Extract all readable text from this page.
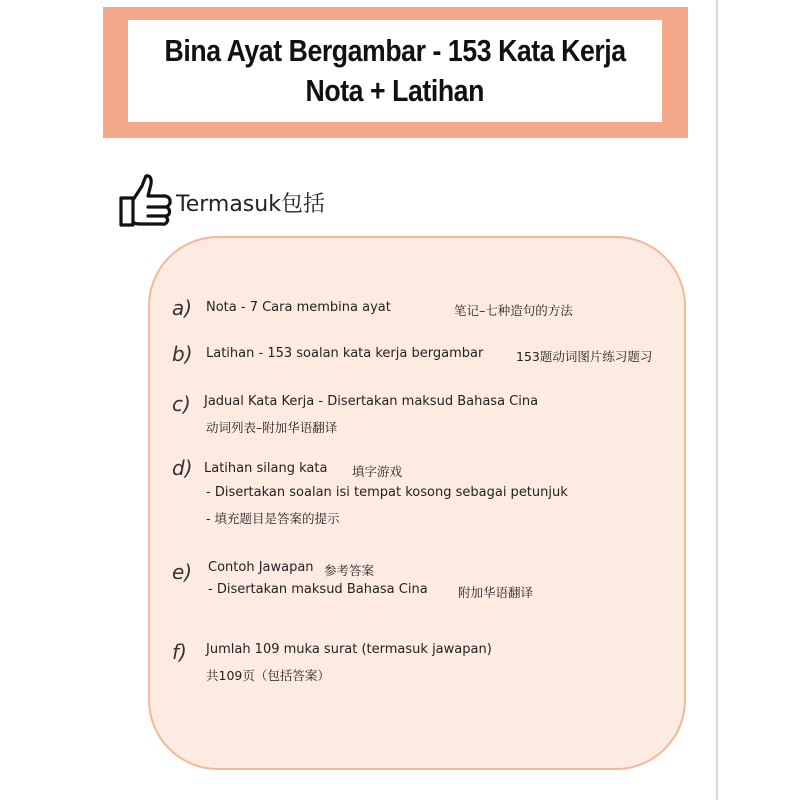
Bina Ayat Bergambar - 153 Kata Kerja
Nota + Latihan
Termasuk包括
a) Nota - 7 Cara membina ayat	笔记–七种造句的方法
b) Latihan - 153 soalan kata kerja bergambar	153题动词图片练习题习
c) Jadual Kata Kerja - Disertakan maksud Bahasa Cina
动词列表–附加华语翻译
d) Latihan silang kata 填字游戏
- Disertakan soalan isi tempat kosong sebagai petunjuk
- 填充题目是答案的提示
e) Contoh Jawapan 参考答案
- Disertakan maksud Bahasa Cina 附加华语翻译
f) Jumlah 109 muka surat (termasuk jawapan)
共109页（包括答案）
